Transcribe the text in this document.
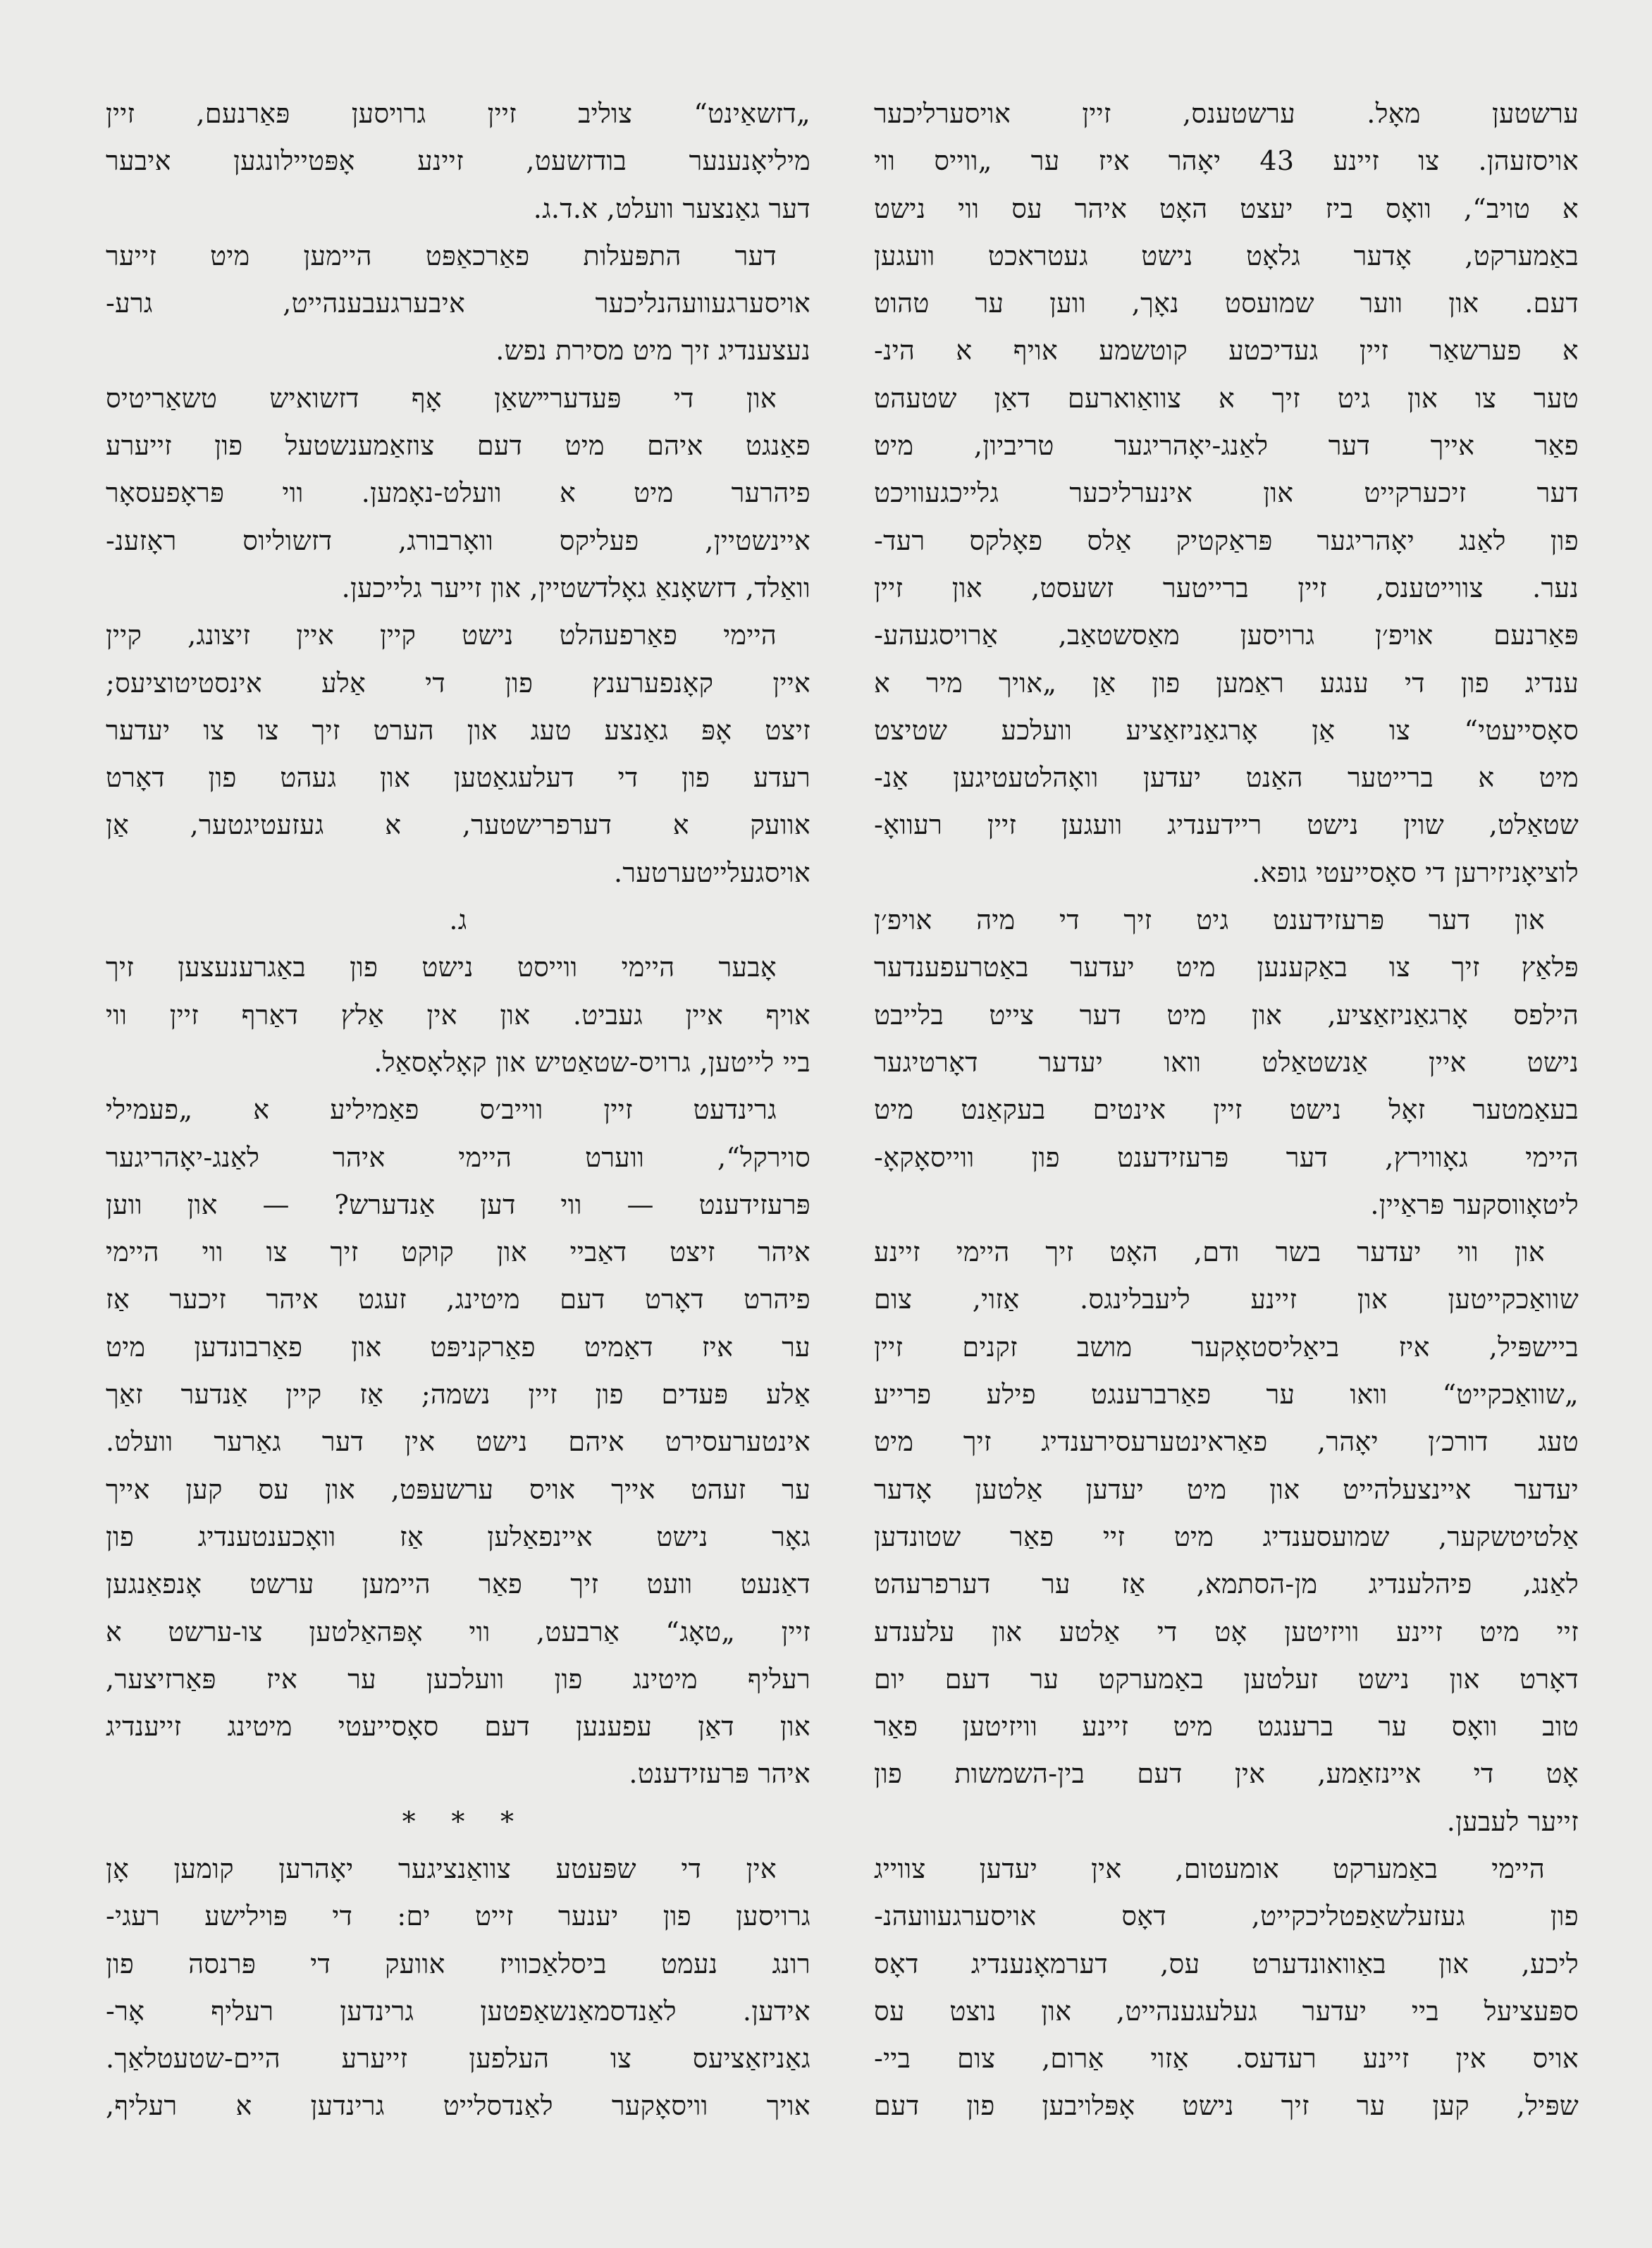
ערשטען מאָל. ערשטענס, זיין אויסערליכער
אויסזעהן. צו זיינע 43 יאָהר איז ער „ווייס ווי
א טויב“, וואָס ביז יעצט האָט איהר עס ווי נישט
באַמערקט, אָדער גלאָט נישט געטראכט וועגען
דעם. און ווער שמועסט נאָך, ווען ער טהוט
א פערשאַר זיין געדיכטע קוטשמע אויף א הינ-
טער צו און גיט זיך א צוואַוארעם דאַן שטעהט
פאַר אייך דער לאַנג-יאָהריגער טריביון, מיט
דער זיכערקייט און אינערליכער גלייכגעוויכט
פון לאַנג יאָהריגער פּראַקטיק אַלס פאָלקס רעד-
נער. צווייטענס, זיין ברייטער זשעסט, און זיין
פּאַרנעם אויפ׳ן גרויסען מאַסשטאַב, אַרויסגעהע-
ענדיג פון די ענגע ראַמען פון אַן „אויך מיר א
סאָסייעטי“ צו אַן אָרגאַניזאַציע וועלכע שטיצט
מיט א ברייטער האַנט יעדען וואָהלטעטיגען אַנ-
שטאַלט, שוין נישט ריידענדיג וועגען זיין רעוואָ-
לוציאָניזירען די סאָסייעטי גופא.
און דער פּרעזידענט גיט זיך די מיה אויפ׳ן
פּלאַץ זיך צו באַקענען מיט יעדער באַטרעפענדער
הילפס אָרגאַניזאַציע, און מיט דער צייט בלייבט
נישט איין אַנשטאַלט וואו יעדער דאָרטיגער
בעאַמטער זאָל נישט זיין אינטים בעקאַנט מיט
היימי גאָווירץ, דער פּרעזידענט פון ווייסאָקאָ-
ליטאָווסקער פּראַיין.
און ווי יעדער בשר ודם, האָט זיך היימי זיינע
שוואַכקייטען און זיינע ליעבלינגס. אַזוי, צום
ביישפּיל, איז ביאַליסטאָקער מושב זקנים זיין
„שוואַכקייט“ וואו ער פאַרברענגט פילע פרייע
טעג דורכ׳ן יאָהר, פאַראינטערעסירענדיג זיך מיט
יעדער איינצעלהייט און מיט יעדען אַלטען אָדער
אַלטיטשקער, שמועסענדיג מיט זיי פאַר שטונדען
לאַנג, פיהלענדיג מן-הסתמא, אַז ער דערפרעהט
זיי מיט זיינע וויזיטען אָט די אַלטע און עלענדע
דאָרט און נישט זעלטען באַמערקט ער דעם יום
טוב וואָס ער ברענגט מיט זיינע וויזיטען פאַר
אָט די איינזאַמע, אין דעם בין-השמשות פון
זייער לעבען.
היימי באַמערקט אומעטום, אין יעדען צווייג
פון געזעלשאַפטליכקייט, דאָס אויסערגעוועהנ-
ליכע, און באַוואונדערט עס, דערמאָנענדיג דאָס
ספּעציעל ביי יעדער געלעגענהייט, און נוצט עס
אויס אין זיינע רעדעס. אַזוי אַרום, צום ביי-
שפּיל, קען ער זיך נישט אָפּלויבען פון דעם
„דזשאַינט“ צוליב זיין גרויסען פּאַרנעם, זיין
מיליאָנענער בודזשעט, זיינע אָפּטיילונגען איבער
דער גאַנצער וועלט, א.ד.ג.
דער התפּעלות פאַרכאַפּט היימען מיט זייער
אויסערגעוועהנליכער איבערגעבענהייט, גרע-
נעצענדיג זיך מיט מסירת נפש.
און די פּעדערײשאַן אָף דזשואיש טשאַריטיס
פאַנגט איהם מיט דעם צוזאַמענשטעל פון זייערע
פיהרער מיט א וועלט-נאָמען. ווי פּראָפעסאָר
איינשטיין, פעליקס וואָרבורג, דזשוליוס ראָזענ-
וואַלד, דזשאָנאַ גאָלדשטיין, און זייער גלייכען.
היימי פאַרפעהלט נישט קיין איין זיצונג, קיין
איין קאָנפערענץ פון די אַלע אינסטיטוציעס;
זיצט אָפּ גאַנצע טעג און הערט זיך צו צו יעדער
רעדע פון די דעלעגאַטען און געהט פון דאָרט
אוועק א דערפרישטער, א געזעטיגטער, אַן
אויסגעלייטערטער.
ג.
אָבער היימי ווייסט נישט פון באַגרענעצען זיך
אויף איין געביט. און אין אַלץ דאַרף זיין ווי
ביי לייטען, גרויס-שטאַטיש און קאָלאָסאַל.
גרינדעט זיין ווייב׳ס פאַמיליע א „פעמילי
סוירקל“, ווערט היימי איהר לאַנג-יאָהריגער
פּרעזידענט — ווי דען אַנדערש? — און ווען
איהר זיצט דאַביי און קוקט זיך צו ווי היימי
פיהרט דאָרט דעם מיטינג, זעגט איהר זיכער אַז
ער איז דאַמיט פאַרקניפּט און פאַרבונדען מיט
אַלע פּעדים פון זיין נשמה; אַז קיין אַנדער זאַך
אינטערעסירט איהם נישט אין דער גאַרער וועלט.
ער זעהט אייך אויס ערשעפּט, און עס קען אייך
גאָר נישט איינפאַלען אַז וואָכענטענדיג פון
דאַנעט וועט זיך פאַר היימען ערשט אָנפאַנגען
זיין „טאָג“ אַרבעט, ווי אָפּהאַלטען צו-ערשט א
רעליף מיטינג פון וועלכען ער איז פּאַרזיצער,
און דאַן עפענען דעם סאָסייעטי מיטינג זייענדיג
איהר פּרעזידענט.
* * *
אין די שפּעטע צוואַנציגער יאָהרען קומען אָן
גרויסען פון יענער זייט ים: די פּוילישע רעגי-
רונג נעמט ביסלאַכוויז אוועק די פּרנסה פון
אידען. לאַנדסמאַנשאַפטען גרינדען רעליף אָר-
גאַניזאַציעס צו העלפען זייערע היים-שטעטלאַך.
אויך וויסאָקער לאַנדסלייט גרינדען א רעליף,
